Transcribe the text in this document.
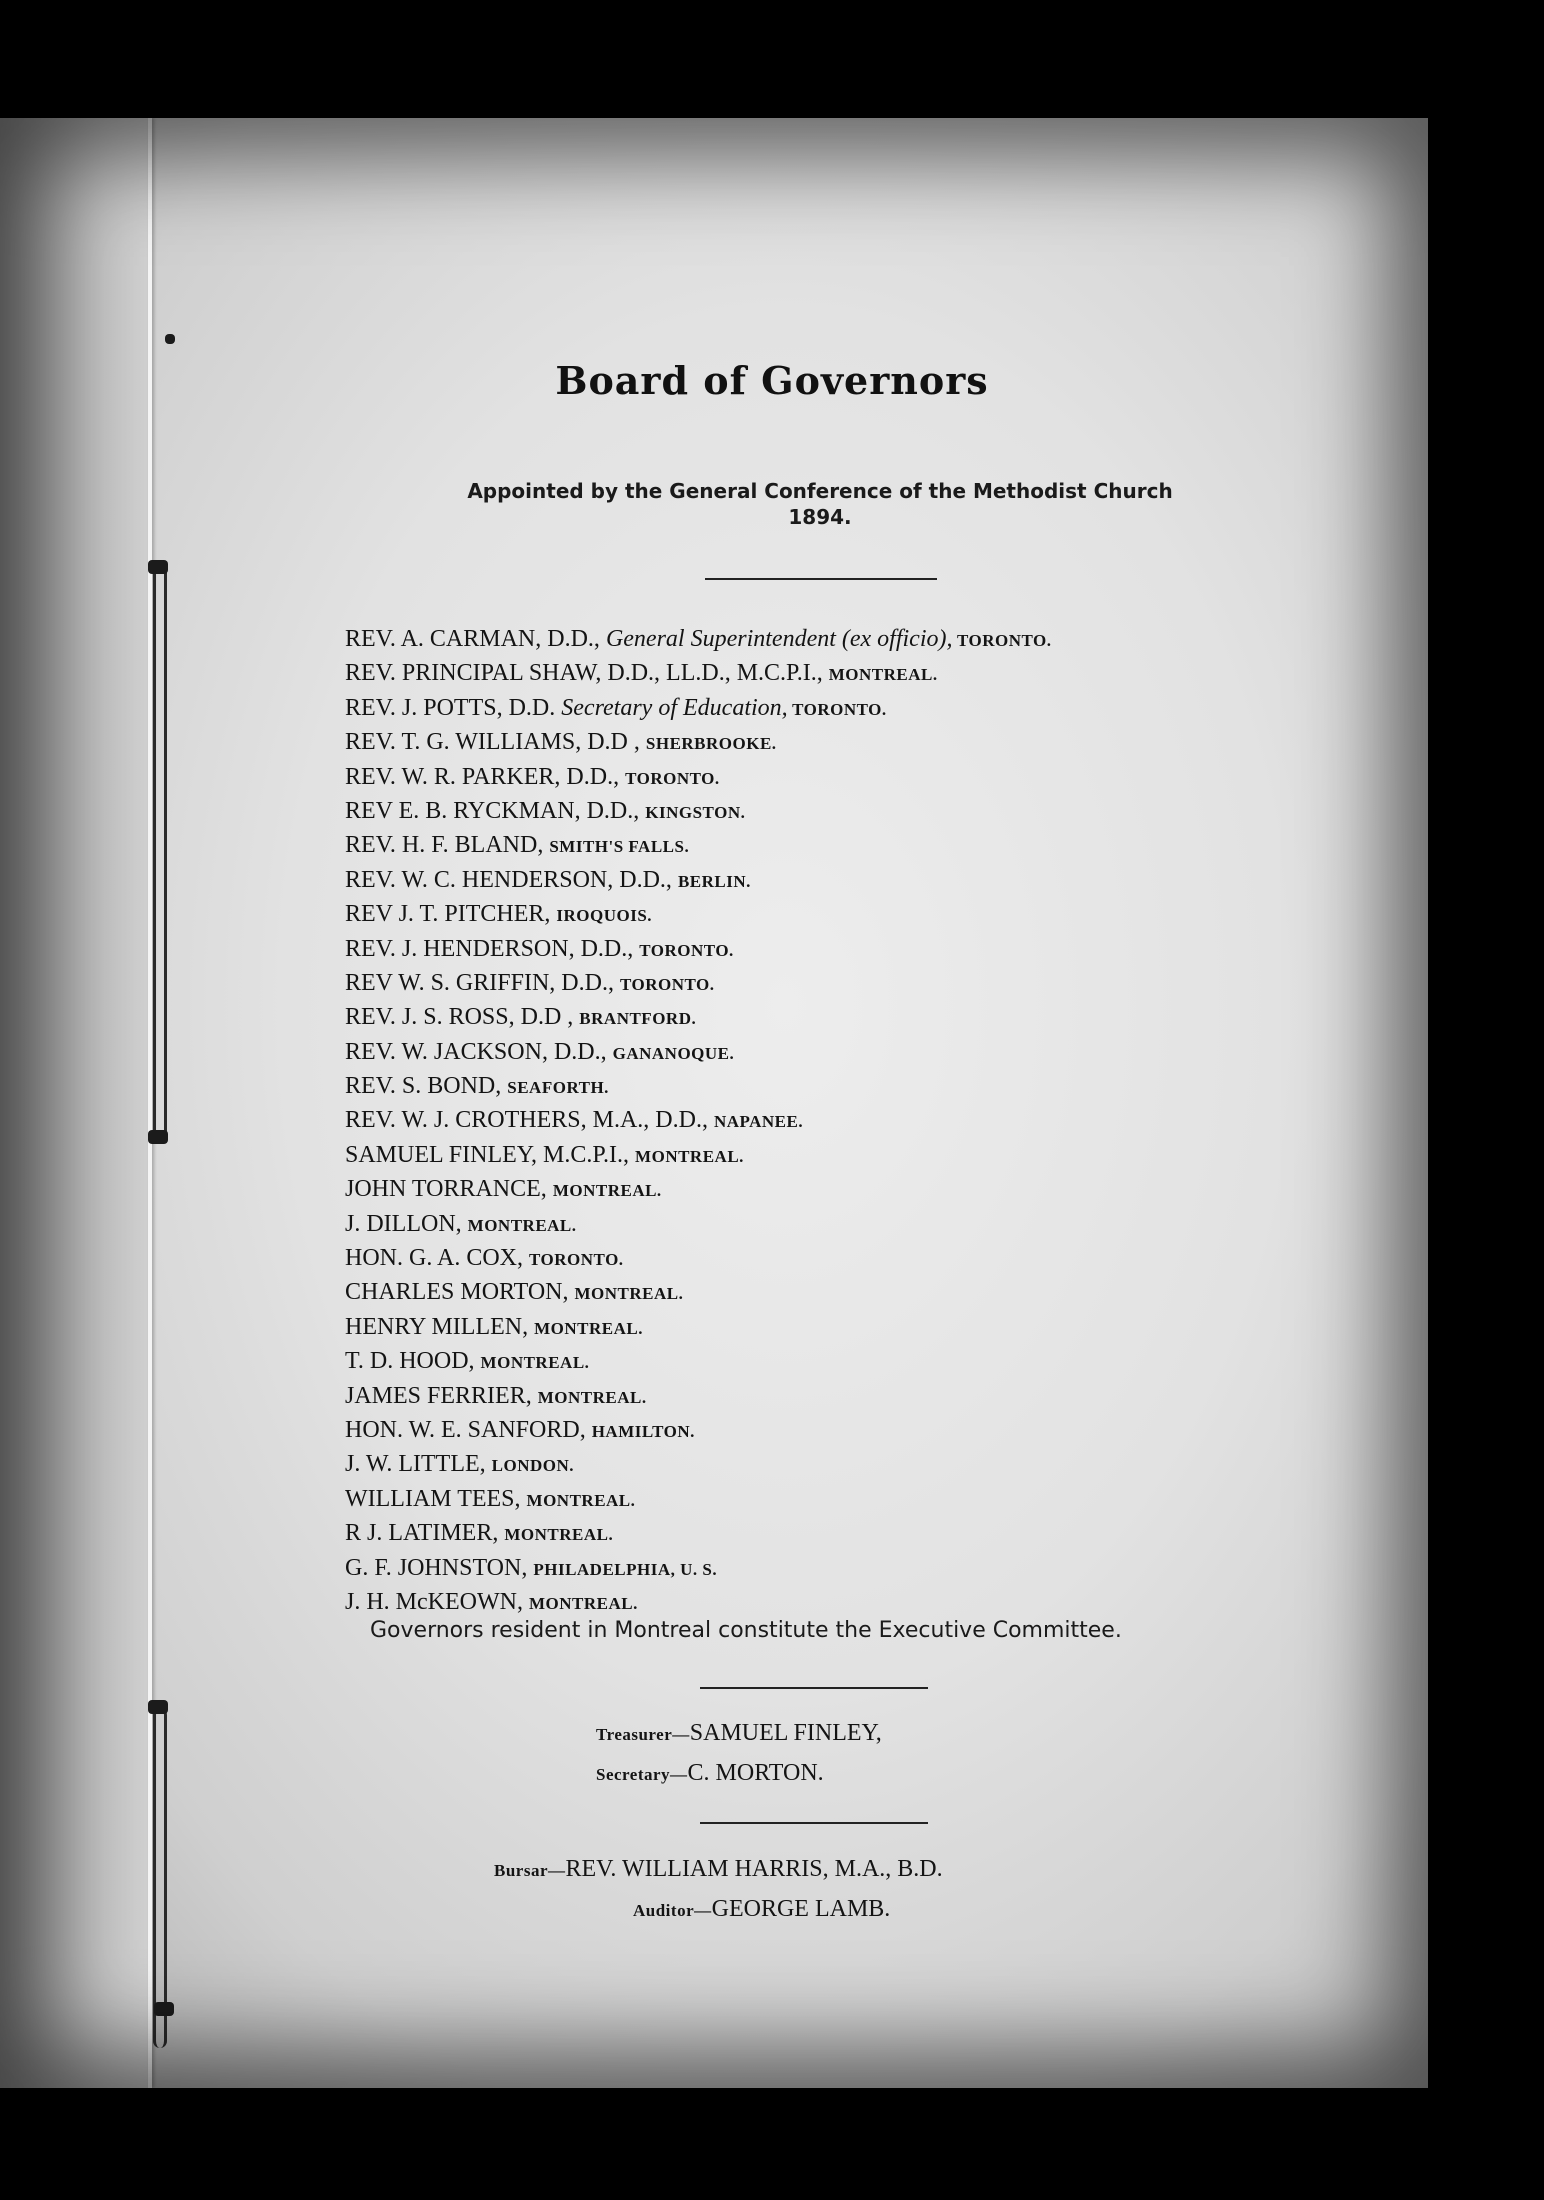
Board of Governors
Appointed by the General Conference of the Methodist Church
1894.
REV. A. CARMAN, D.D., General Superintendent (ex officio), TORONTO.
REV. PRINCIPAL SHAW, D.D., LL.D., M.C.P.I., MONTREAL.
REV. J. POTTS, D.D. Secretary of Education, TORONTO.
REV. T. G. WILLIAMS, D.D , SHERBROOKE.
REV. W. R. PARKER, D.D., TORONTO.
REV E. B. RYCKMAN, D.D., KINGSTON.
REV. H. F. BLAND, SMITH'S FALLS.
REV. W. C. HENDERSON, D.D., BERLIN.
REV J. T. PITCHER, IROQUOIS.
REV. J. HENDERSON, D.D., TORONTO.
REV W. S. GRIFFIN, D.D., TORONTO.
REV. J. S. ROSS, D.D , BRANTFORD.
REV. W. JACKSON, D.D., GANANOQUE.
REV. S. BOND, SEAFORTH.
REV. W. J. CROTHERS, M.A., D.D., NAPANEE.
SAMUEL FINLEY, M.C.P.I., MONTREAL.
JOHN TORRANCE, MONTREAL.
J. DILLON, MONTREAL.
HON. G. A. COX, TORONTO.
CHARLES MORTON, MONTREAL.
HENRY MILLEN, MONTREAL.
T. D. HOOD, MONTREAL.
JAMES FERRIER, MONTREAL.
HON. W. E. SANFORD, HAMILTON.
J. W. LITTLE, LONDON.
WILLIAM TEES, MONTREAL.
R J. LATIMER, MONTREAL.
G. F. JOHNSTON, PHILADELPHIA, U. S.
J. H. McKEOWN, MONTREAL.
Governors resident in Montreal constitute the Executive Committee.
Treasurer—SAMUEL FINLEY,
Secretary—C. MORTON.
Bursar—REV. WILLIAM HARRIS, M.A., B.D.
Auditor—GEORGE LAMB.
